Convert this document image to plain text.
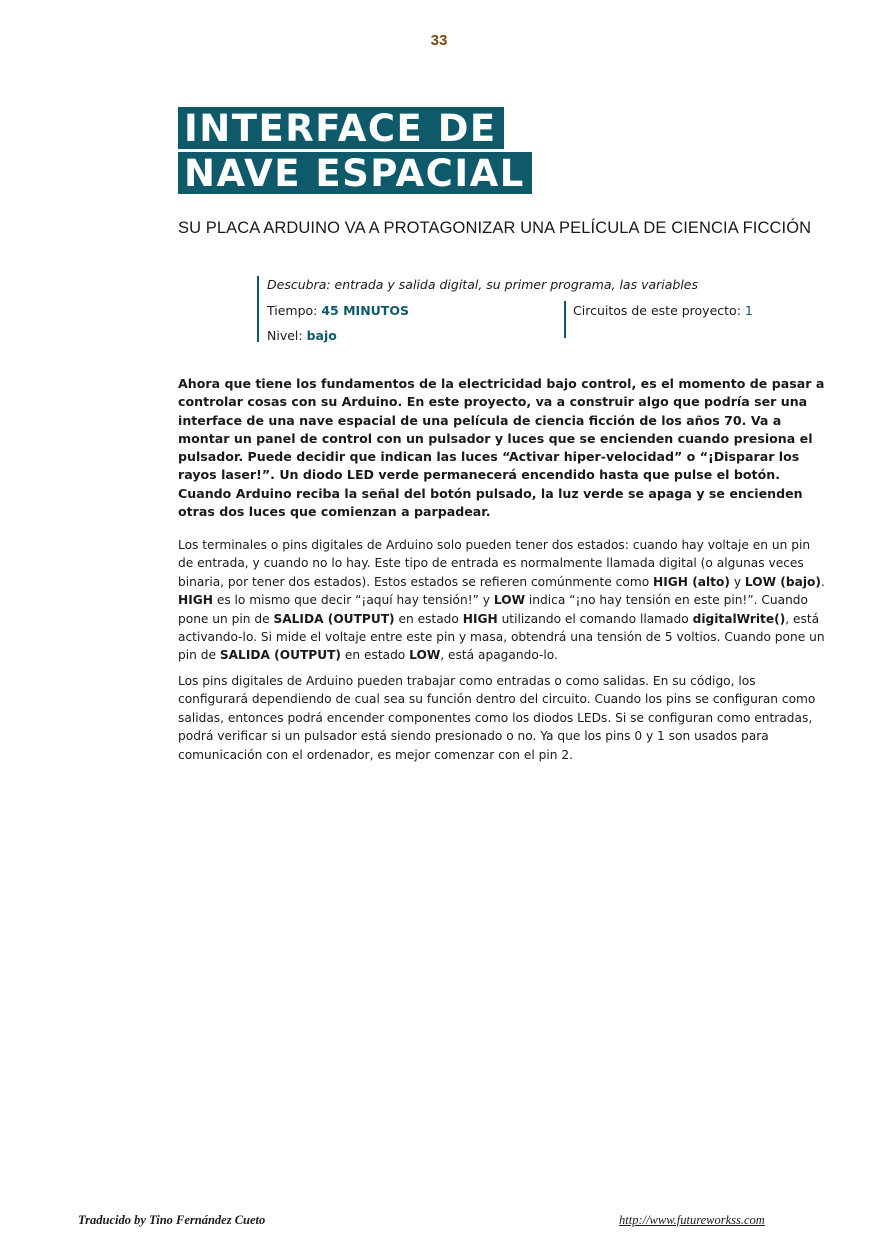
33
INTERFACE DE
NAVE ESPACIAL
SU PLACA ARDUINO VA A PROTAGONIZAR UNA PELÍCULA DE CIENCIA FICCIÓN
Descubra: entrada y salida digital, su primer programa, las variables
Tiempo: 45 MINUTOS	Circuitos de este proyecto: 1
Nivel: bajo

Ahora que tiene los fundamentos de la electricidad bajo control, es el momento de pasar a controlar cosas con su Arduino. En este proyecto, va a construir algo que podría ser una interface de una nave espacial de una película de ciencia ficción de los años 70. Va a montar un panel de control con un pulsador y luces que se encienden cuando presiona el pulsador. Puede decidir que indican las luces “Activar hiper-velocidad” o “¡Disparar los rayos laser!”. Un diodo LED verde permanecerá encendido hasta que pulse el botón. Cuando Arduino reciba la señal del botón pulsado, la luz verde se apaga y se encienden otras dos luces que comienzan a parpadear.

Los terminales o pins digitales de Arduino solo pueden tener dos estados: cuando hay voltaje en un pin de entrada, y cuando no lo hay. Este tipo de entrada es normalmente llamada digital (o algunas veces binaria, por tener dos estados). Estos estados se refieren comúnmente como HIGH (alto) y LOW (bajo). HIGH es lo mismo que decir “¡aquí hay tensión!” y LOW indica “¡no hay tensión en este pin!”. Cuando pone un pin de SALIDA (OUTPUT) en estado HIGH utilizando el comando llamado digitalWrite(), está activando-lo. Si mide el voltaje entre este pin y masa, obtendrá una tensión de 5 voltios. Cuando pone un pin de SALIDA (OUTPUT) en estado LOW, está apagando-lo.

Los pins digitales de Arduino pueden trabajar como entradas o como salidas. En su código, los configurará dependiendo de cual sea su función dentro del circuito. Cuando los pins se configuran como salidas, entonces podrá encender componentes como los diodos LEDs. Si se configuran como entradas, podrá verificar si un pulsador está siendo presionado o no. Ya que los pins 0 y 1 son usados para comunicación con el ordenador, es mejor comenzar con el pin 2.

Traducido by Tino Fernández Cueto	http://www.futureworkss.com
